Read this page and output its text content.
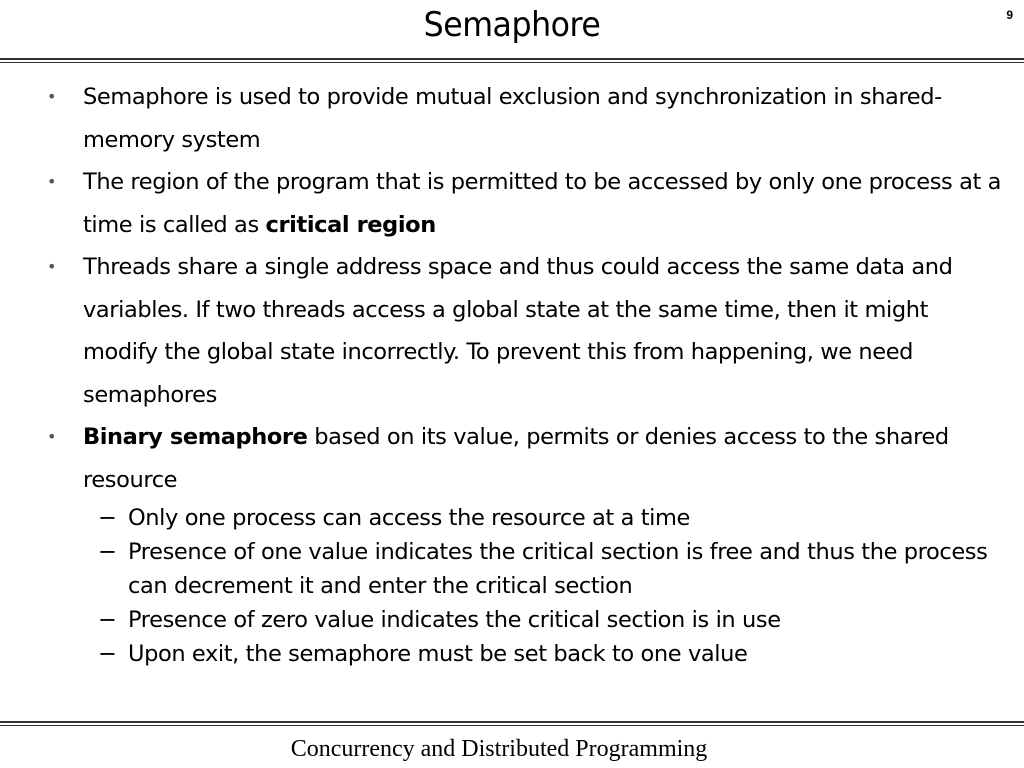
Semaphore	9
• Semaphore is used to provide mutual exclusion and synchronization in shared-memory system
• The region of the program that is permitted to be accessed by only one process at a time is called as critical region
• Threads share a single address space and thus could access the same data and variables. If two threads access a global state at the same time, then it might modify the global state incorrectly. To prevent this from happening, we need semaphores
• Binary semaphore based on its value, permits or denies access to the shared resource
− Only one process can access the resource at a time
− Presence of one value indicates the critical section is free and thus the process can decrement it and enter the critical section
− Presence of zero value indicates the critical section is in use
− Upon exit, the semaphore must be set back to one value
Concurrency and Distributed Programming
